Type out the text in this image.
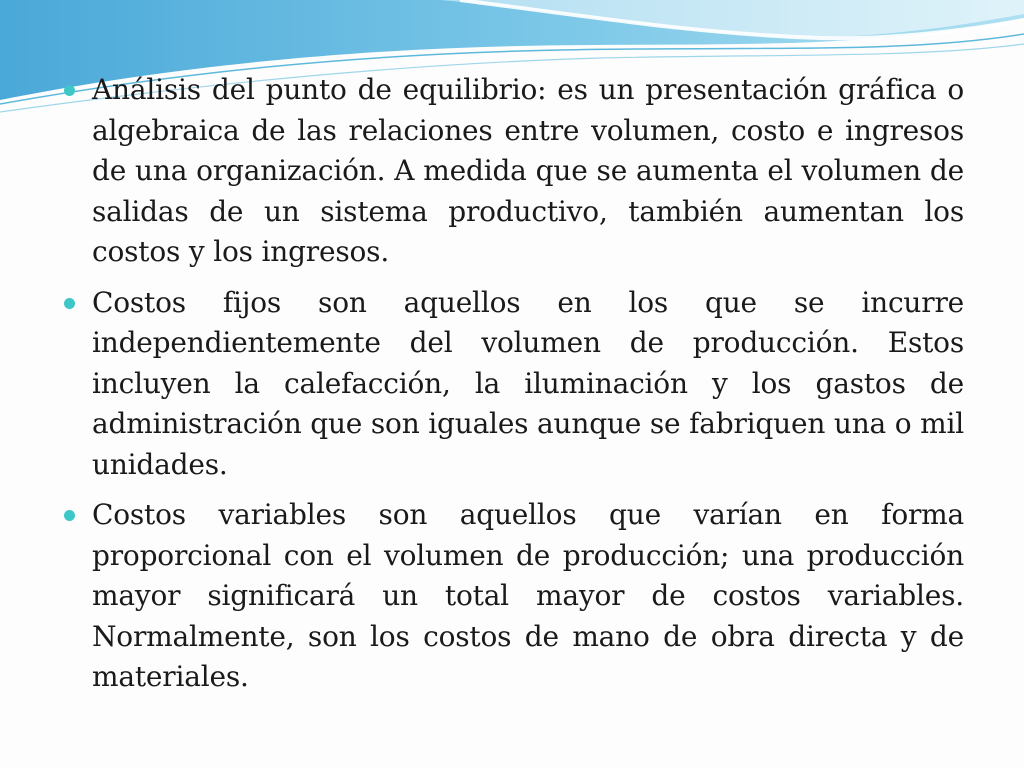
Análisis del punto de equilibrio: es un presentación gráfica o algebraica de las relaciones entre volumen, costo e ingresos de una organización. A medida que se aumenta el volumen de salidas de un sistema productivo, también aumentan los costos y los ingresos.
Costos fijos son aquellos en los que se incurre independientemente del volumen de producción. Estos incluyen la calefacción, la iluminación y los gastos de administración que son iguales aunque se fabriquen una o mil unidades.
Costos variables son aquellos que varían en forma proporcional con el volumen de producción; una producción mayor significará un total mayor de costos variables. Normalmente, son los costos de mano de obra directa y de materiales.
